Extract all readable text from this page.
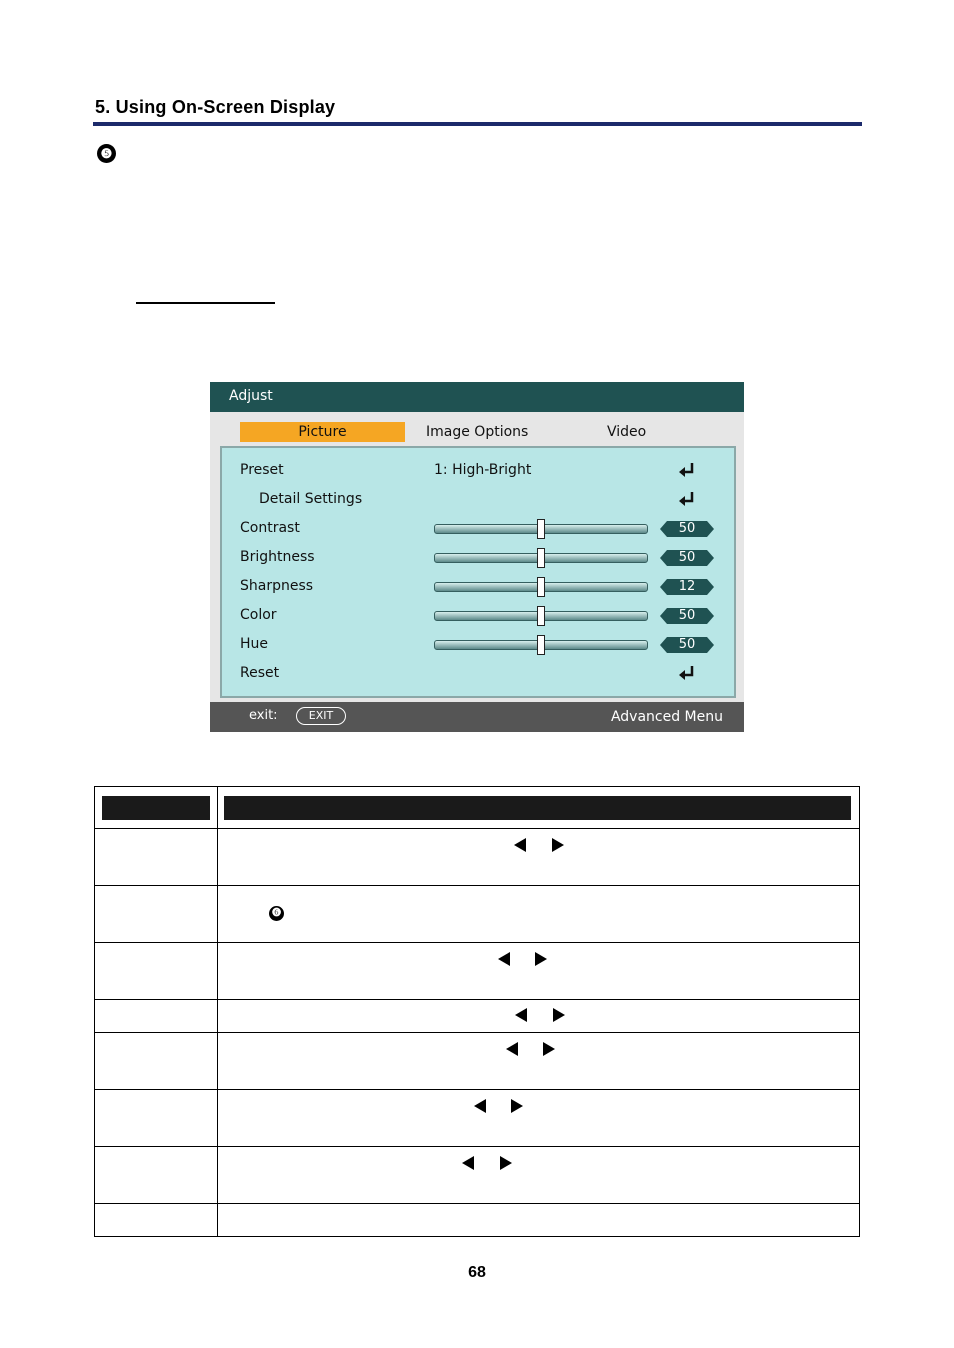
5. Using On-Screen Display
❺
Adjust
Picture	Image Options	Video
Preset	1: High-Bright
Detail Settings
Contrast	50
Brightness	50
Sharpness	12
Color	50
Hue	50
Reset
exit:	EXIT	Advanced Menu
❻
68
